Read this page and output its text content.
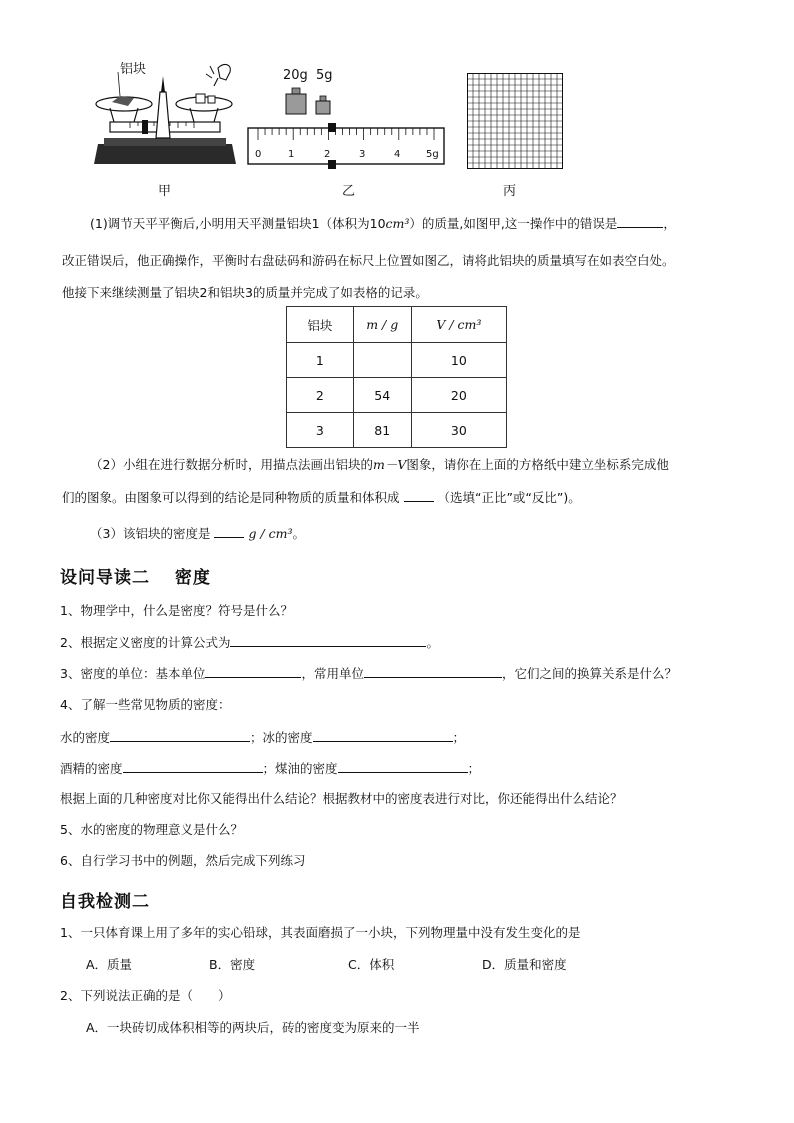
铝块	20g 5g
0	1	2	3	4	5g
甲	乙	丙
(1)调节天平平衡后,小明用天平测量铝块1（体积为10cm³）的质量,如图甲,这一操作中的错误是	，
改正错误后，他正确操作，平衡时右盘砝码和游码在标尺上位置如图乙，请将此铝块的质量填写在如表空白处。
他接下来继续测量了铝块2和铝块3的质量并完成了如表格的记录。
铝块	m / g	V / cm³
1		10
2	54	20
3	81	30
（2）小组在进行数据分析时，用描点法画出铝块的m－V图象，请你在上面的方格纸中建立坐标系完成他
们的图象。由图象可以得到的结论是同种物质的质量和体积成	（选填“正比”或“反比”)。
（3）该铝块的密度是	g / cm³。
设问导读二　 密度
1、物理学中，什么是密度？符号是什么？
2、根据定义密度的计算公式为	。
3、密度的单位：基本单位	，常用单位	，它们之间的换算关系是什么？
4、了解一些常见物质的密度：
水的密度	；冰的密度	；
酒精的密度	；煤油的密度	；
根据上面的几种密度对比你又能得出什么结论？根据教材中的密度表进行对比，你还能得出什么结论？
5、水的密度的物理意义是什么？
6、自行学习书中的例题，然后完成下列练习
自我检测二
1、一只体育课上用了多年的实心铅球，其表面磨损了一小块，下列物理量中没有发生变化的是
A．质量	B．密度	C．体积	D．质量和密度
2、下列说法正确的是（　　）
A．一块砖切成体积相等的两块后，砖的密度变为原来的一半
